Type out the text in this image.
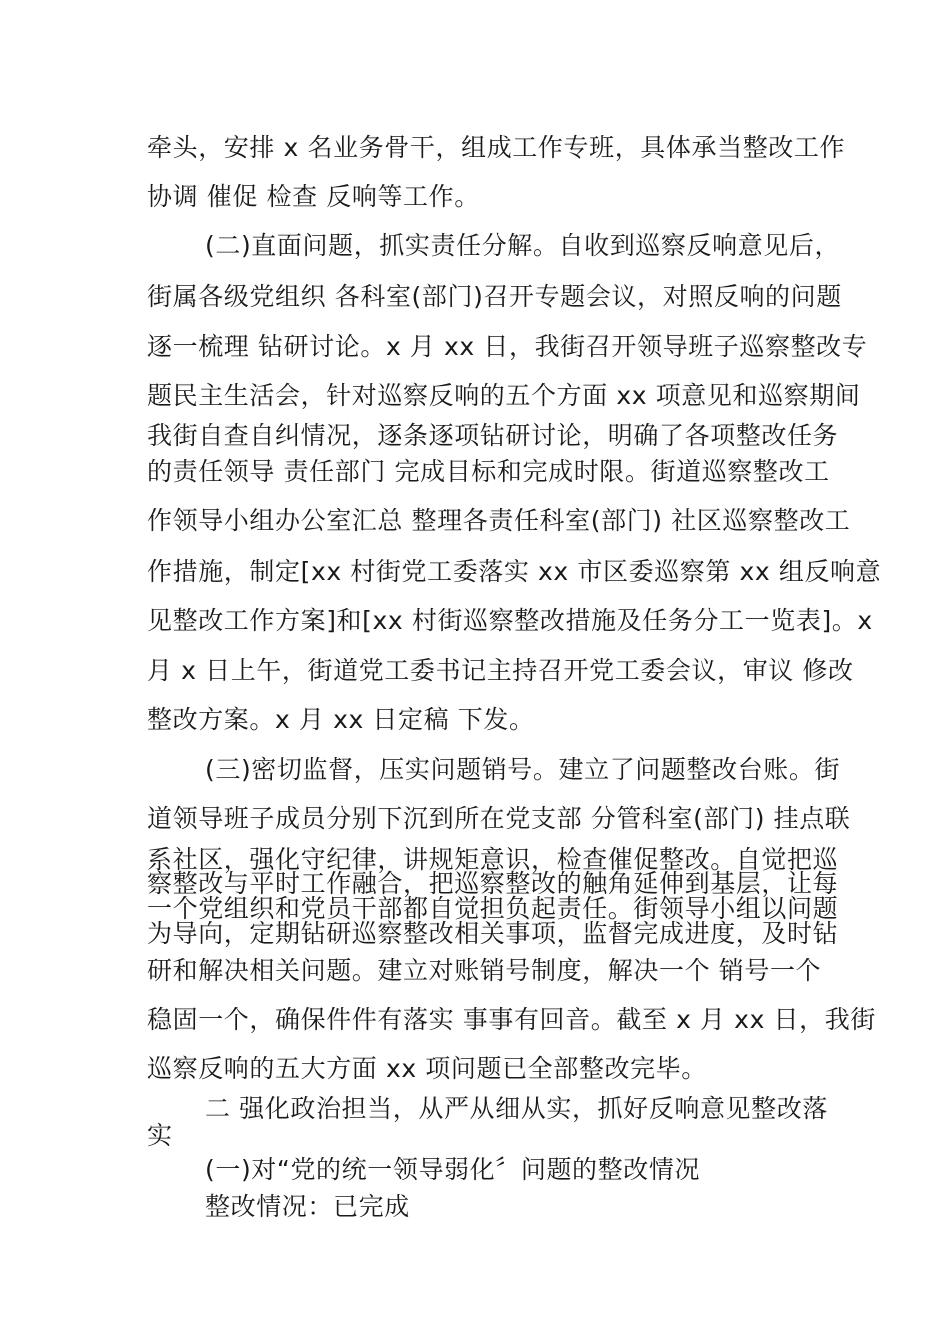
牵头，安排 x 名业务骨干，组成工作专班，具体承当整改工作
协调 催促 检查 反响等工作。
(二)直面问题，抓实责任分解。自收到巡察反响意见后，
街属各级党组织 各科室(部门)召开专题会议，对照反响的问题
逐一梳理 钻研讨论。x 月 xx 日，我街召开领导班子巡察整改专
题民主生活会，针对巡察反响的五个方面 xx 项意见和巡察期间
我街自查自纠情况，逐条逐项钻研讨论，明确了各项整改任务
的责任领导 责任部门 完成目标和完成时限。街道巡察整改工
作领导小组办公室汇总 整理各责任科室(部门) 社区巡察整改工
作措施，制定[xx 村街党工委落实 xx 市区委巡察第 xx 组反响意
见整改工作方案]和[xx 村街巡察整改措施及任务分工一览表]。x
月 x 日上午，街道党工委书记主持召开党工委会议，审议 修改
整改方案。x 月 xx 日定稿 下发。
(三)密切监督，压实问题销号。建立了问题整改台账。街
道领导班子成员分别下沉到所在党支部 分管科室(部门) 挂点联
系社区，强化守纪律，讲规矩意识，检查催促整改。自觉把巡
察整改与平时工作融合，把巡察整改的触角延伸到基层，让每
一个党组织和党员干部都自觉担负起责任。街领导小组以问题
为导向，定期钻研巡察整改相关事项，监督完成进度，及时钻
研和解决相关问题。建立对账销号制度，解决一个 销号一个
稳固一个，确保件件有落实 事事有回音。截至 x 月 xx 日，我街
巡察反响的五大方面 xx 项问题已全部整改完毕。
二 强化政治担当，从严从细从实，抓好反响意见整改落
实
(一)对“党的统一领导弱化〞问题的整改情况
整改情况：已完成
